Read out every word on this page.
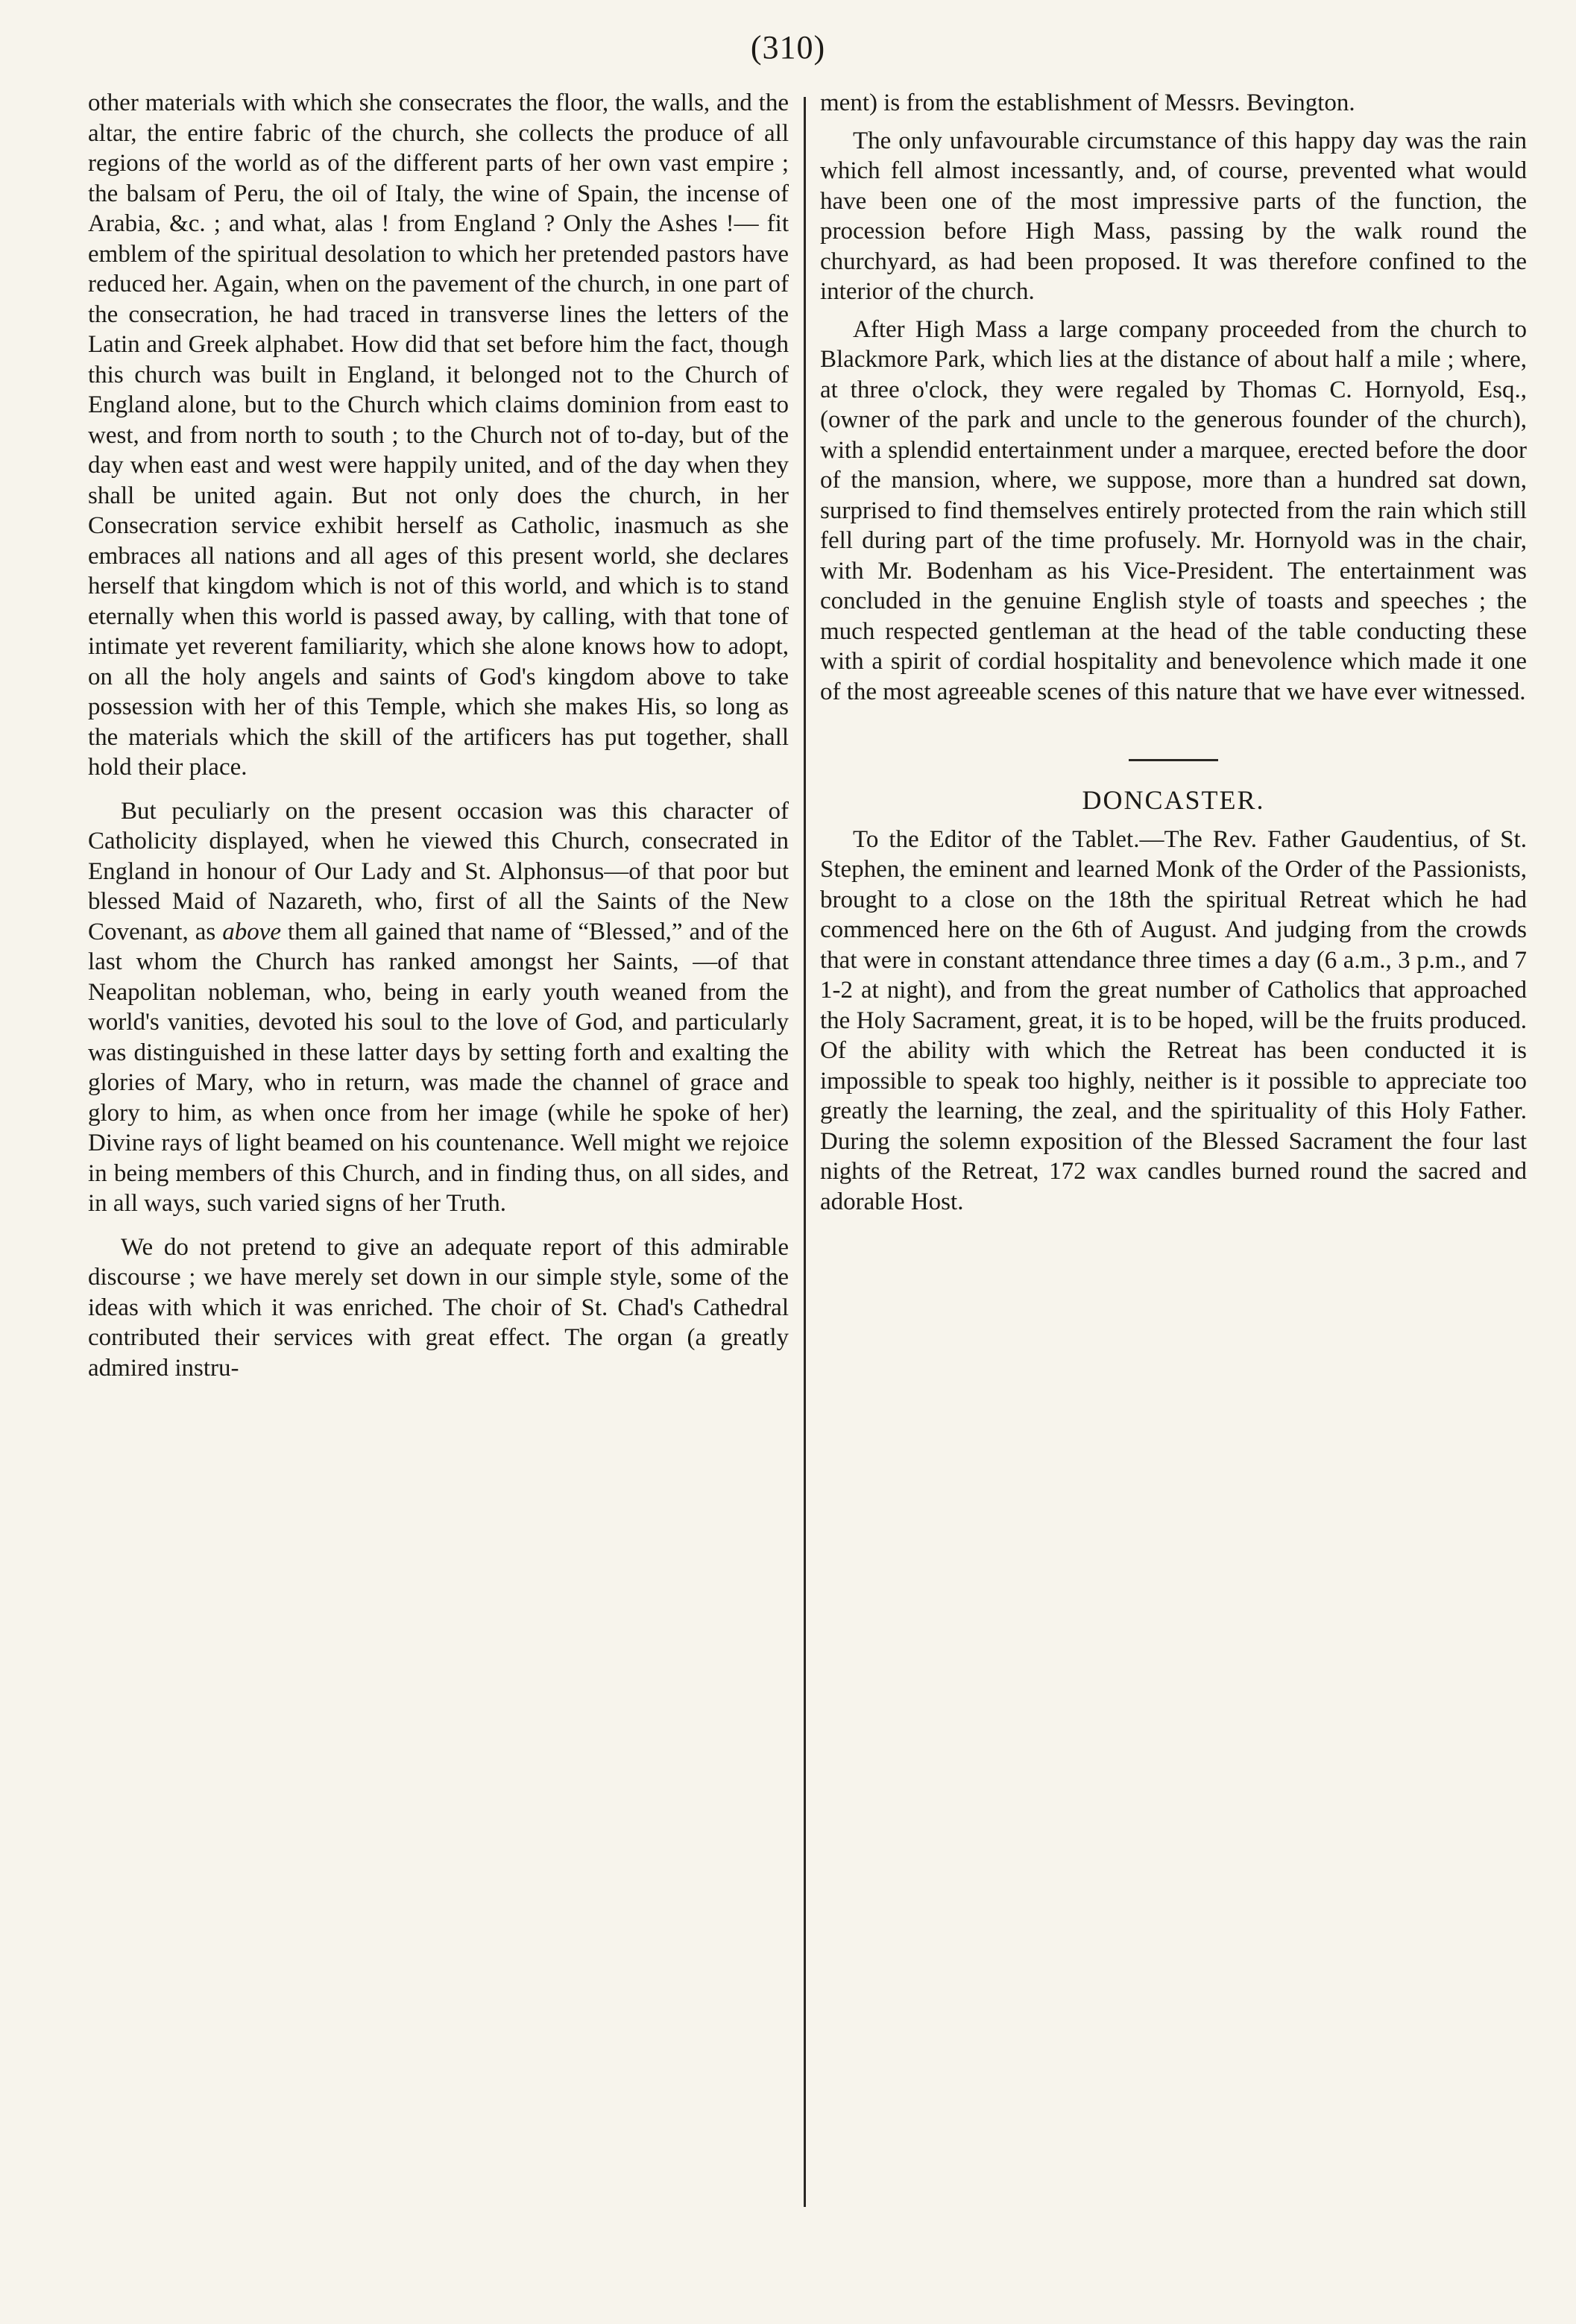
(310)

other materials with which she consecrates the floor, the walls, and the altar, the entire fabric of the church, she collects the produce of all regions of the world as of the different parts of her own vast empire ; the balsam of Peru, the oil of Italy, the wine of Spain, the incense of Arabia, &c. ; and what, alas ! from England ? Only the Ashes !— fit emblem of the spiritual desolation to which her pretended pastors have reduced her. Again, when on the pavement of the church, in one part of the consecration, he had traced in transverse lines the letters of the Latin and Greek alphabet. How did that set before him the fact, though this church was built in England, it belonged not to the Church of England alone, but to the Church which claims dominion from east to west, and from north to south ; to the Church not of to-day, but of the day when east and west were happily united, and of the day when they shall be united again. But not only does the church, in her Consecration service exhibit herself as Catholic, inasmuch as she embraces all nations and all ages of this present world, she declares herself that kingdom which is not of this world, and which is to stand eternally when this world is passed away, by calling, with that tone of intimate yet reverent familiarity, which she alone knows how to adopt, on all the holy angels and saints of God's kingdom above to take possession with her of this Temple, which she makes His, so long as the materials which the skill of the artificers has put together, shall hold their place.

But peculiarly on the present occasion was this character of Catholicity displayed, when he viewed this Church, consecrated in England in honour of Our Lady and St. Alphonsus—of that poor but blessed Maid of Nazareth, who, first of all the Saints of the New Covenant, as above them all gained that name of “Blessed,” and of the last whom the Church has ranked amongst her Saints, —of that Neapolitan nobleman, who, being in early youth weaned from the world's vanities, devoted his soul to the love of God, and particularly was distinguished in these latter days by setting forth and exalting the glories of Mary, who in return, was made the channel of grace and glory to him, as when once from her image (while he spoke of her) Divine rays of light beamed on his countenance. Well might we rejoice in being members of this Church, and in finding thus, on all sides, and in all ways, such varied signs of her Truth.

We do not pretend to give an adequate report of this admirable discourse ; we have merely set down in our simple style, some of the ideas with which it was enriched. The choir of St. Chad's Cathedral contributed their services with great effect. The organ (a greatly admired instru-

ment) is from the establishment of Messrs. Bevington.

The only unfavourable circumstance of this happy day was the rain which fell almost incessantly, and, of course, prevented what would have been one of the most impressive parts of the function, the procession before High Mass, passing by the walk round the churchyard, as had been proposed. It was therefore confined to the interior of the church.

After High Mass a large company proceeded from the church to Blackmore Park, which lies at the distance of about half a mile ; where, at three o'clock, they were regaled by Thomas C. Hornyold, Esq., (owner of the park and uncle to the generous founder of the church), with a splendid entertainment under a marquee, erected before the door of the mansion, where, we suppose, more than a hundred sat down, surprised to find themselves entirely protected from the rain which still fell during part of the time profusely. Mr. Hornyold was in the chair, with Mr. Bodenham as his Vice-President. The entertainment was concluded in the genuine English style of toasts and speeches ; the much respected gentleman at the head of the table conducting these with a spirit of cordial hospitality and benevolence which made it one of the most agreeable scenes of this nature that we have ever witnessed.

DONCASTER.

To the Editor of the Tablet.—The Rev. Father Gaudentius, of St. Stephen, the eminent and learned Monk of the Order of the Passionists, brought to a close on the 18th the spiritual Retreat which he had commenced here on the 6th of August. And judging from the crowds that were in constant attendance three times a day (6 a.m., 3 p.m., and 7 1-2 at night), and from the great number of Catholics that approached the Holy Sacrament, great, it is to be hoped, will be the fruits produced. Of the ability with which the Retreat has been conducted it is impossible to speak too highly, neither is it possible to appreciate too greatly the learning, the zeal, and the spirituality of this Holy Father. During the solemn exposition of the Blessed Sacrament the four last nights of the Retreat, 172 wax candles burned round the sacred and adorable Host.
